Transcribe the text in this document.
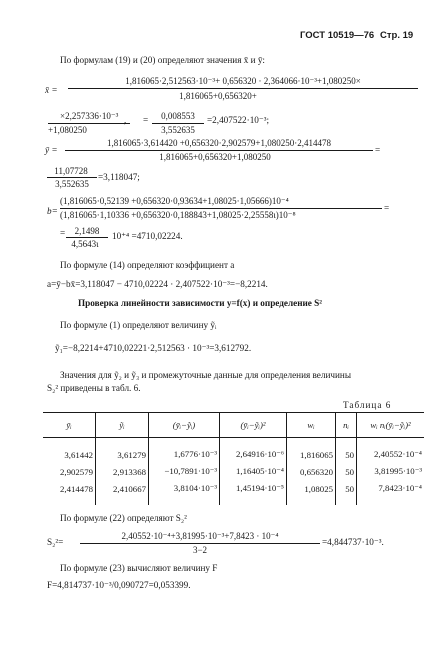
ГОСТ 10519—76 Стр. 19
По формулам (19) и (20) определяют значения x̄ и ȳ:
x̄ =
1,816065·2,512563·10⁻³+ 0,656320 · 2,364066·10⁻³+1,080250×
1,816065+0,656320+
×2,257336·10⁻³
+1,080250
, =	0,008553
3,552635
=2,407522·10⁻³;
ȳ =
1,816065·3,614420 +0,656320·2,902579+1,080250·2,414478
1,816065+0,656320+1,080250
=
11,07728
3,552635
=3,118047;
b=
(1,816065·0,52139 +0,656320·0,93634+1,08025·1,05666)10⁻⁴
(1,816065·1,10336 +0,656320·0,188843+1,08025·2,25558ι)10⁻⁸
=
=	2,1498
4,5643ι
10⁺⁴ =4710,02224.
По формуле (14) определяют коэффициент a
a=ȳ−bx̄=3,118047 − 4710,02224 · 2,407522·10⁻³=−8,2214.
Проверка линейности зависимости y=f(x) и определение S²
По формуле (1) определяют величину ỹᵢ
ỹ₁=−8,2214+4710,02221·2,512563 · 10⁻³=3,612792.
Значения для ỹ₂ и ỹ₃ и промежуточные данные для определения величины
S₂² приведены в табл. 6.
Таблица 6
ȳᵢ	ỹᵢ	(ȳᵢ−ỹᵢ)	(ȳᵢ−ỹᵢ)²	wᵢ	nᵢ	wᵢ nᵢ(ȳᵢ−ỹᵢ)²
3,61442	3,61279	1,6776·10⁻³	2,64916·10⁻⁶	1,816065	50	2,40552·10⁻⁴
2,902579	2,913368	−10,7891·10⁻³	1,16405·10⁻⁴	0,656320	50	3,81995·10⁻³
2,414478	2,410667	3,8104·10⁻³	1,45194·10⁻⁵	1,08025	50	7,8423·10⁻⁴
По формуле (22) определяют S₂²
S₂²=
2,40552·10⁻⁴+3,81995·10⁻³+7,8423 · 10⁻⁴
3−2
=4,844737·10⁻³.
По формуле (23) вычисляют величину F
F=4,814737·10⁻³/0,090727=0,053399.
